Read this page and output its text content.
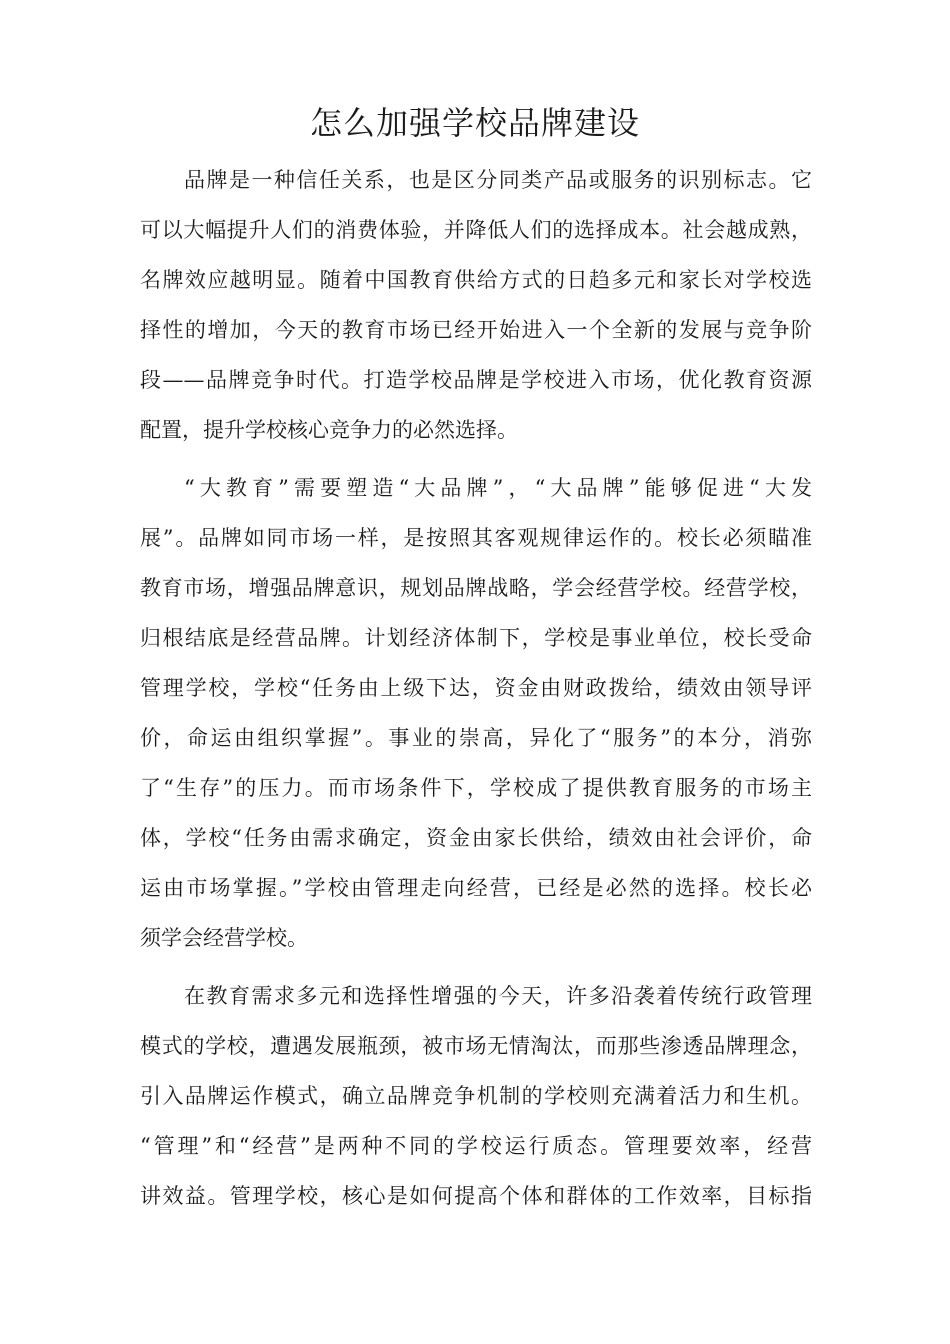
怎么加强学校品牌建设
品牌是一种信任关系，也是区分同类产品或服务的识别标志。它
可以大幅提升人们的消费体验，并降低人们的选择成本。社会越成熟，
名牌效应越明显。随着中国教育供给方式的日趋多元和家长对学校选
择性的增加，今天的教育市场已经开始进入一个全新的发展与竞争阶
段——品牌竞争时代。打造学校品牌是学校进入市场，优化教育资源
配置，提升学校核心竞争力的必然选择。
“大教育”需要塑造“大品牌”，“大品牌”能够促进“大发
展”。品牌如同市场一样，是按照其客观规律运作的。校长必须瞄准
教育市场，增强品牌意识，规划品牌战略，学会经营学校。经营学校，
归根结底是经营品牌。计划经济体制下，学校是事业单位，校长受命
管理学校，学校“任务由上级下达，资金由财政拨给，绩效由领导评
价，命运由组织掌握”。事业的崇高，异化了“服务”的本分，消弥
了“生存”的压力。而市场条件下，学校成了提供教育服务的市场主
体，学校“任务由需求确定，资金由家长供给，绩效由社会评价，命
运由市场掌握。”学校由管理走向经营，已经是必然的选择。校长必
须学会经营学校。
在教育需求多元和选择性增强的今天，许多沿袭着传统行政管理
模式的学校，遭遇发展瓶颈，被市场无情淘汰，而那些渗透品牌理念，
引入品牌运作模式，确立品牌竞争机制的学校则充满着活力和生机。
“管理”和“经营”是两种不同的学校运行质态。管理要效率，经营
讲效益。管理学校，核心是如何提高个体和群体的工作效率，目标指
